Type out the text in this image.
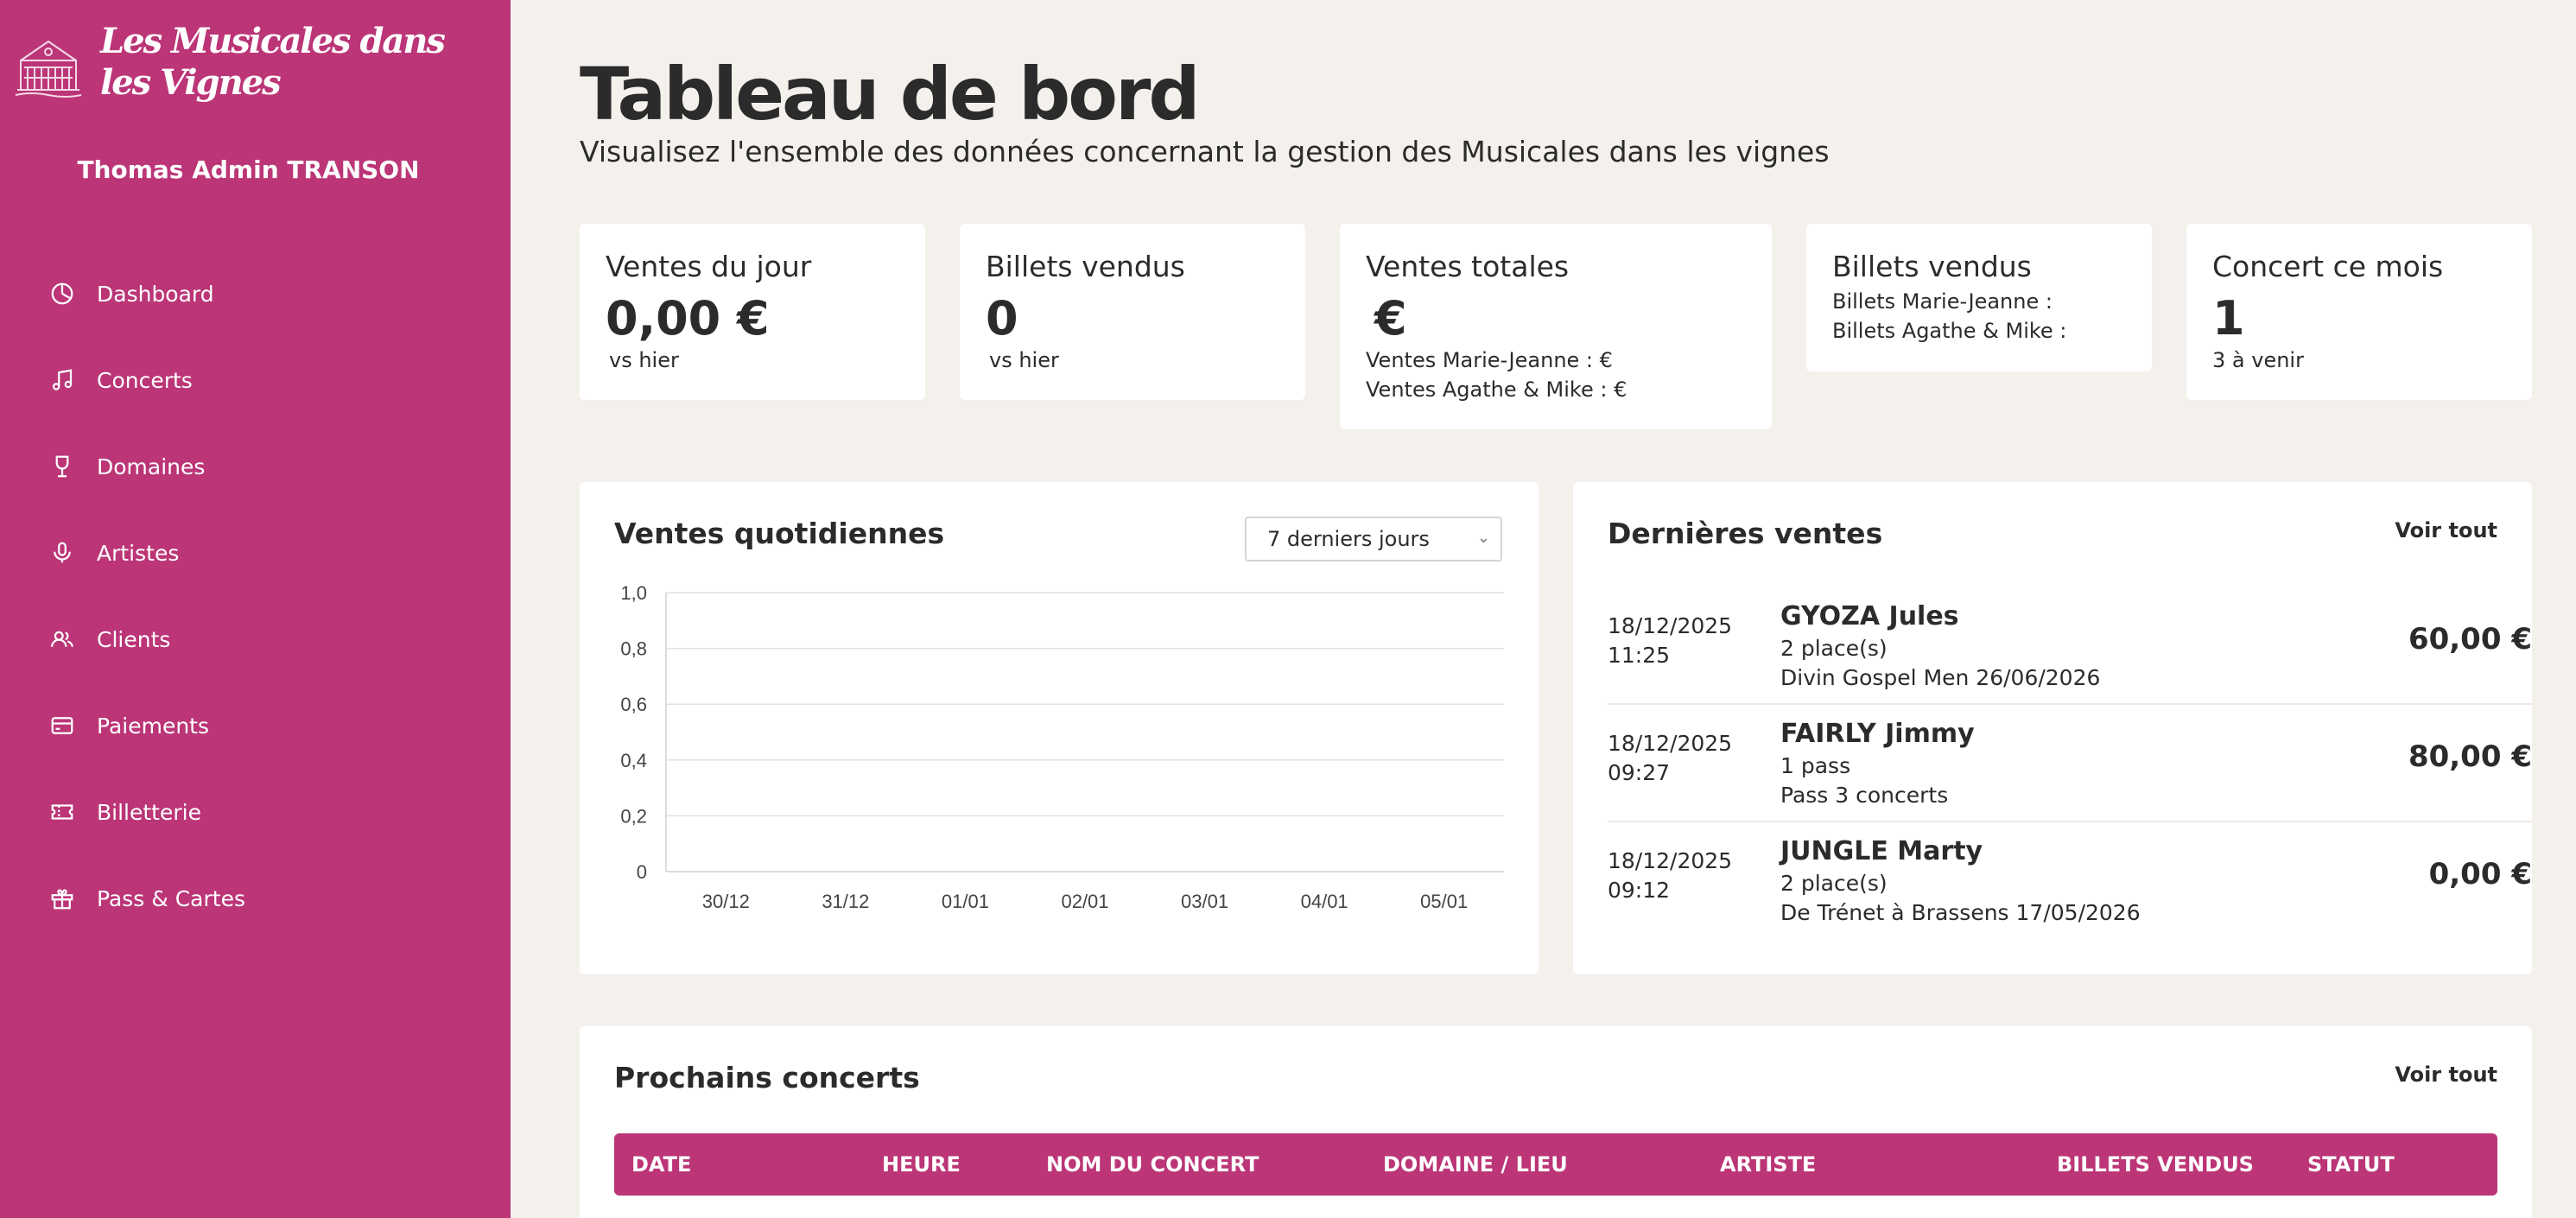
Les Musicales dans les Vignes
Thomas Admin TRANSON
Dashboard
Concerts
Domaines
Artistes
Clients
Paiements
Billetterie
Pass & Cartes
Tableau de bord
Visualisez l'ensemble des données concernant la gestion des Musicales dans les vignes
Ventes du jour
0,00 €
vs hier
Billets vendus
0
vs hier
Ventes totales
€
Ventes Marie-Jeanne : €
Ventes Agathe & Mike : €
Billets vendus
Billets Marie-Jeanne :
Billets Agathe & Mike :
Concert ce mois
1
3 à venir
Ventes quotidiennes	7 derniers jours	⌄
0
0,2
0,4
0,6
0,8
1,0
30/12	31/12	01/01	02/01	03/01	04/01	05/01
Dernières ventes	Voir tout
18/12/2025
11:25
GYOZA Jules
2 place(s)
Divin Gospel Men 26/06/2026
60,00 €
18/12/2025
09:27
FAIRLY Jimmy
1 pass
Pass 3 concerts
80,00 €
18/12/2025
09:12
JUNGLE Marty
2 place(s)
De Trénet à Brassens 17/05/2026
0,00 €
Prochains concerts	Voir tout
DATE	HEURE	NOM DU CONCERT	DOMAINE / LIEU	ARTISTE	BILLETS VENDUS	STATUT
